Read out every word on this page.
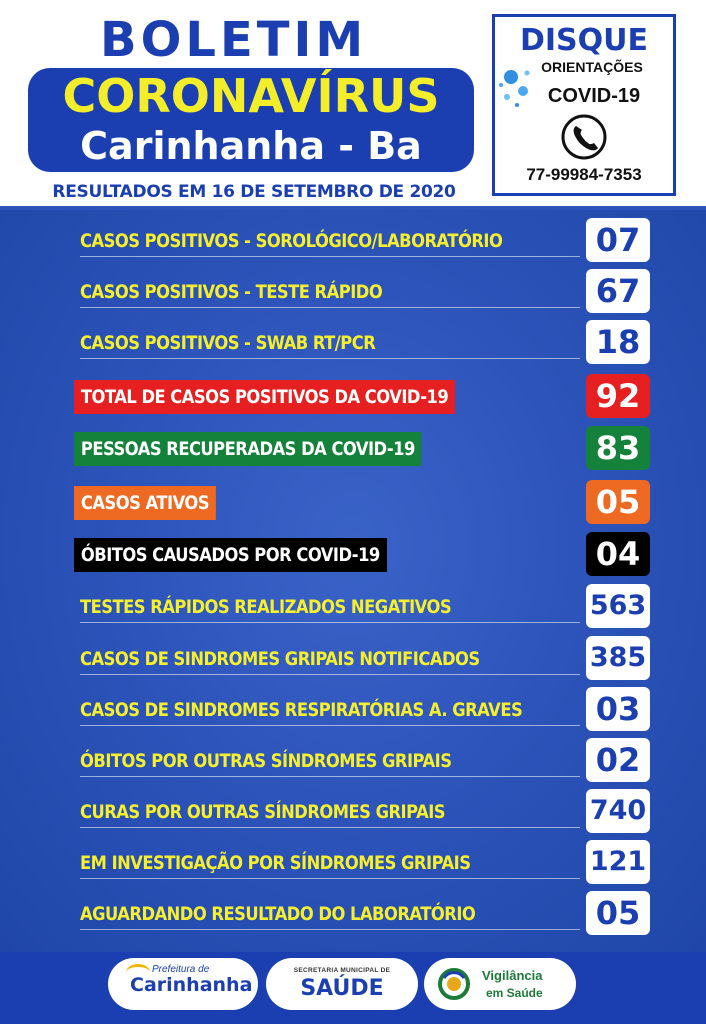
BOLETIM
CORONAVÍRUS
Carinhanha - Ba
RESULTADOS EM 16 DE SETEMBRO DE 2020
DISQUE
ORIENTAÇÕES
COVID-19
77-99984-7353
CASOS POSITIVOS - SOROLÓGICO/LABORATÓRIO	07
CASOS POSITIVOS - TESTE RÁPIDO	67
CASOS POSITIVOS - SWAB RT/PCR	18
TOTAL DE CASOS POSITIVOS DA COVID-19	92
PESSOAS RECUPERADAS DA COVID-19	83
CASOS ATIVOS	05
ÓBITOS CAUSADOS POR COVID-19	04
TESTES RÁPIDOS REALIZADOS NEGATIVOS	563
CASOS DE SINDROMES GRIPAIS NOTIFICADOS	385
CASOS DE SINDROMES RESPIRATÓRIAS A. GRAVES	03
ÓBITOS POR OUTRAS SÍNDROMES GRIPAIS	02
CURAS POR OUTRAS SÍNDROMES GRIPAIS	740
EM INVESTIGAÇÃO POR SÍNDROMES GRIPAIS	121
AGUARDANDO RESULTADO DO LABORATÓRIO	05
Prefeitura de
Carinhanha
SECRETARIA MUNICIPAL DE
SAÚDE
Vigilância
em Saúde
